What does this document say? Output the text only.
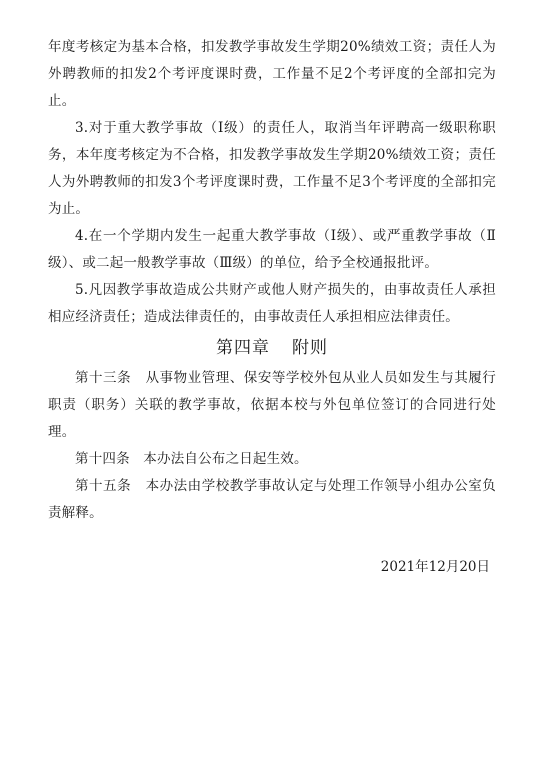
年度考核定为基本合格，扣发教学事故发生学期20%绩效工资；责任人为外聘教师的扣发2个考评度课时费，工作量不足2个考评度的全部扣完为止。

3.对于重大教学事故（Ⅰ级）的责任人，取消当年评聘高一级职称职务，本年度考核定为不合格，扣发教学事故发生学期20%绩效工资；责任人为外聘教师的扣发3个考评度课时费，工作量不足3个考评度的全部扣完为止。

4.在一个学期内发生一起重大教学事故（Ⅰ级）、或严重教学事故（Ⅱ级）、或二起一般教学事故（Ⅲ级）的单位，给予全校通报批评。

5.凡因教学事故造成公共财产或他人财产损失的，由事故责任人承担相应经济责任；造成法律责任的，由事故责任人承担相应法律责任。

第四章 附则

第十三条 从事物业管理、保安等学校外包从业人员如发生与其履行职责（职务）关联的教学事故，依据本校与外包单位签订的合同进行处理。

第十四条 本办法自公布之日起生效。

第十五条 本办法由学校教学事故认定与处理工作领导小组办公室负责解释。

2021年12月20日
